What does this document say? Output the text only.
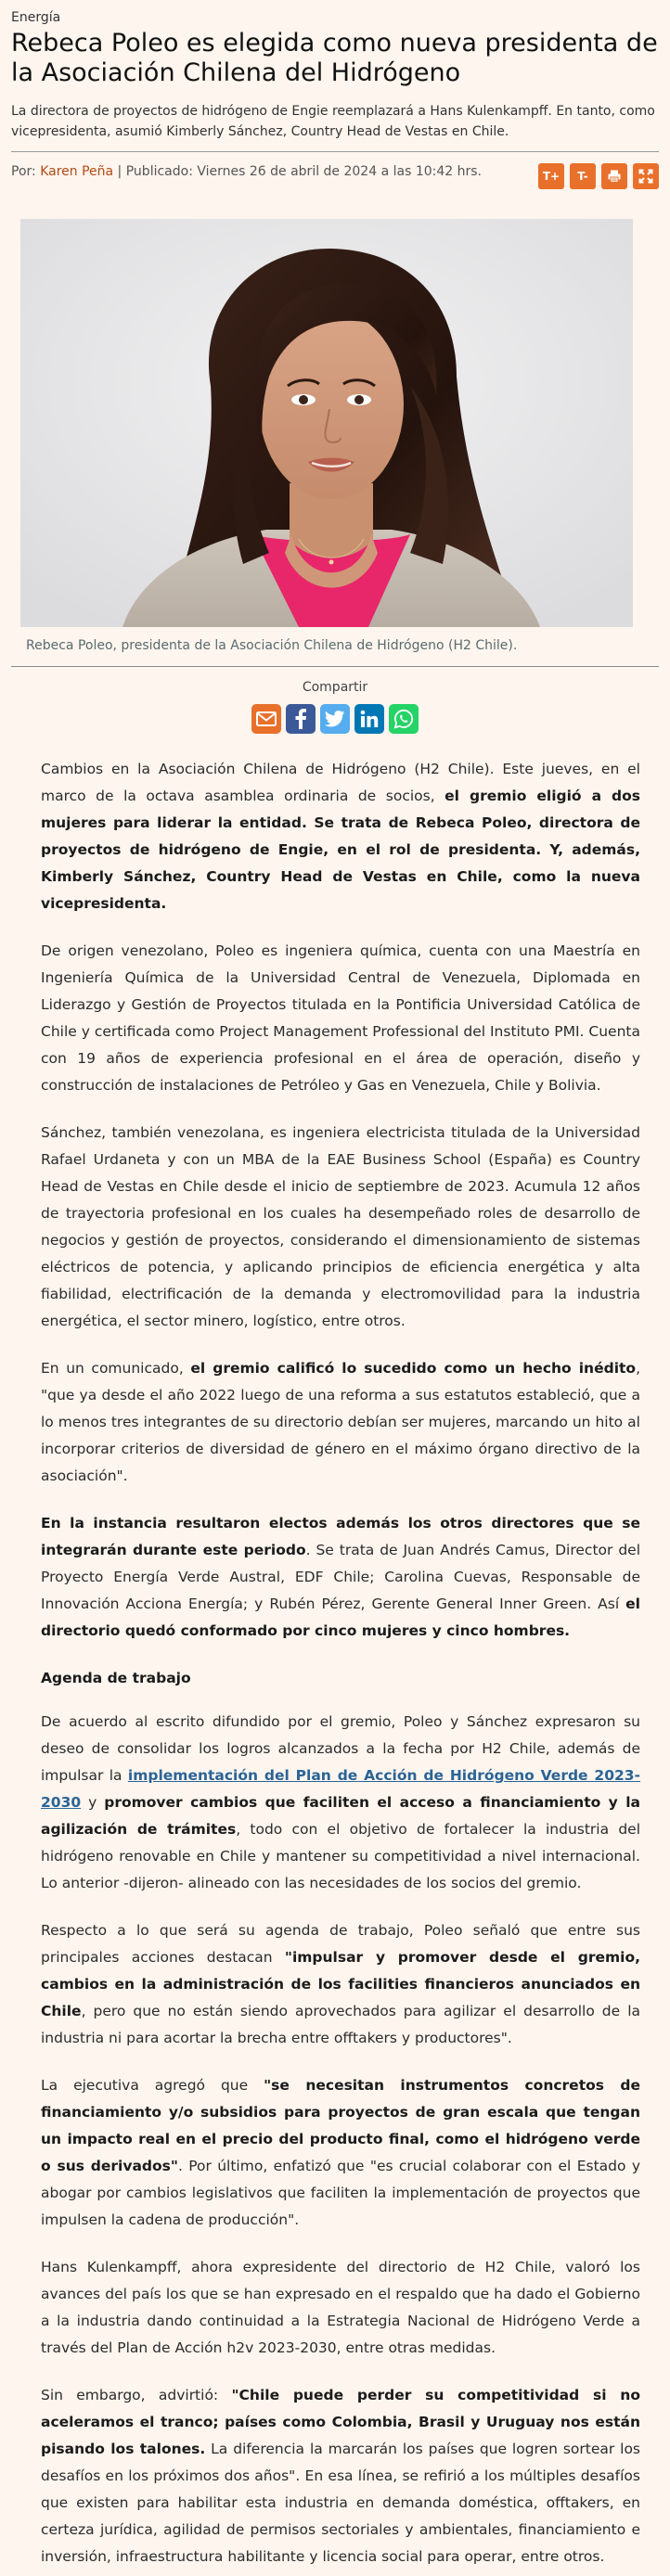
Energía
Rebeca Poleo es elegida como nueva presidenta de la Asociación Chilena del Hidrógeno
La directora de proyectos de hidrógeno de Engie reemplazará a Hans Kulenkampff. En tanto, como vicepresidenta, asumió Kimberly Sánchez, Country Head de Vestas en Chile.
Por: Karen Peña | Publicado: Viernes 26 de abril de 2024 a las 10:42 hrs.	T+	T-
Rebeca Poleo, presidenta de la Asociación Chilena de Hidrógeno (H2 Chile).
Compartir

Cambios en la Asociación Chilena de Hidrógeno (H2 Chile). Este jueves, en el marco de la octava asamblea ordinaria de socios, el gremio eligió a dos mujeres para liderar la entidad. Se trata de Rebeca Poleo, directora de proyectos de hidrógeno de Engie, en el rol de presidenta. Y, además, Kimberly Sánchez, Country Head de Vestas en Chile, como la nueva vicepresidenta.

De origen venezolano, Poleo es ingeniera química, cuenta con una Maestría en Ingeniería Química de la Universidad Central de Venezuela, Diplomada en Liderazgo y Gestión de Proyectos titulada en la Pontificia Universidad Católica de Chile y certificada como Project Management Professional del Instituto PMI. Cuenta con 19 años de experiencia profesional en el área de operación, diseño y construcción de instalaciones de Petróleo y Gas en Venezuela, Chile y Bolivia.

Sánchez, también venezolana, es ingeniera electricista titulada de la Universidad Rafael Urdaneta y con un MBA de la EAE Business School (España) es Country Head de Vestas en Chile desde el inicio de septiembre de 2023. Acumula 12 años de trayectoria profesional en los cuales ha desempeñado roles de desarrollo de negocios y gestión de proyectos, considerando el dimensionamiento de sistemas eléctricos de potencia, y aplicando principios de eficiencia energética y alta fiabilidad, electrificación de la demanda y electromovilidad para la industria energética, el sector minero, logístico, entre otros.

En un comunicado, el gremio calificó lo sucedido como un hecho inédito, "que ya desde el año 2022 luego de una reforma a sus estatutos estableció, que a lo menos tres integrantes de su directorio debían ser mujeres, marcando un hito al incorporar criterios de diversidad de género en el máximo órgano directivo de la asociación".

En la instancia resultaron electos además los otros directores que se integrarán durante este periodo. Se trata de Juan Andrés Camus, Director del Proyecto Energía Verde Austral, EDF Chile; Carolina Cuevas, Responsable de Innovación Acciona Energía; y Rubén Pérez, Gerente General Inner Green. Así el directorio quedó conformado por cinco mujeres y cinco hombres.

Agenda de trabajo

De acuerdo al escrito difundido por el gremio, Poleo y Sánchez expresaron su deseo de consolidar los logros alcanzados a la fecha por H2 Chile, además de impulsar la implementación del Plan de Acción de Hidrógeno Verde 2023-2030 y promover cambios que faciliten el acceso a financiamiento y la agilización de trámites, todo con el objetivo de fortalecer la industria del hidrógeno renovable en Chile y mantener su competitividad a nivel internacional. Lo anterior -dijeron- alineado con las necesidades de los socios del gremio.

Respecto a lo que será su agenda de trabajo, Poleo señaló que entre sus principales acciones destacan "impulsar y promover desde el gremio, cambios en la administración de los facilities financieros anunciados en Chile, pero que no están siendo aprovechados para agilizar el desarrollo de la industria ni para acortar la brecha entre offtakers y productores".

La ejecutiva agregó que "se necesitan instrumentos concretos de financiamiento y/o subsidios para proyectos de gran escala que tengan un impacto real en el precio del producto final, como el hidrógeno verde o sus derivados". Por último, enfatizó que "es crucial colaborar con el Estado y abogar por cambios legislativos que faciliten la implementación de proyectos que impulsen la cadena de producción".

Hans Kulenkampff, ahora expresidente del directorio de H2 Chile, valoró los avances del país los que se han expresado en el respaldo que ha dado el Gobierno a la industria dando continuidad a la Estrategia Nacional de Hidrógeno Verde a través del Plan de Acción h2v 2023-2030, entre otras medidas.

Sin embargo, advirtió: "Chile puede perder su competitividad si no aceleramos el tranco; países como Colombia, Brasil y Uruguay nos están pisando los talones. La diferencia la marcarán los países que logren sortear los desafíos en los próximos dos años". En esa línea, se refirió a los múltiples desafíos que existen para habilitar esta industria en demanda doméstica, offtakers, en certeza jurídica, agilidad de permisos sectoriales y ambientales, financiamiento e inversión, infraestructura habilitante y licencia social para operar, entre otros.
